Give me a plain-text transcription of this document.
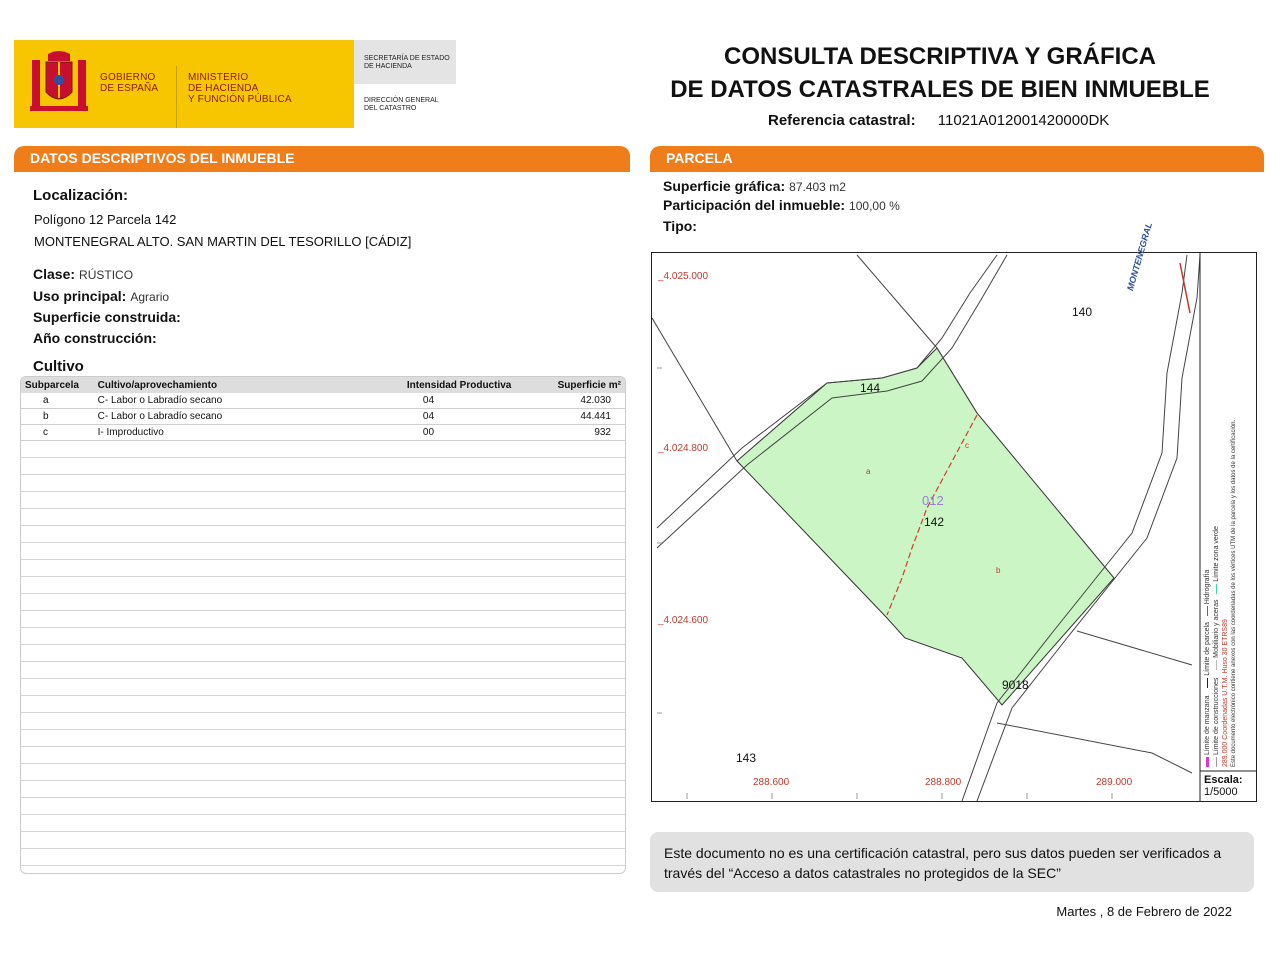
GOBIERNO
DE ESPAÑA
MINISTERIO
DE HACIENDA
Y FUNCIÓN PÚBLICA
SECRETARÍA DE ESTADO
DE HACIENDA
DIRECCIÓN GENERAL
DEL CATASTRO
CONSULTA DESCRIPTIVA Y GRÁFICA
DE DATOS CATASTRALES DE BIEN INMUEBLE
Referencia catastral: 11021A012001420000DK
DATOS DESCRIPTIVOS DEL INMUEBLE
Localización:
Polígono 12 Parcela 142
MONTENEGRAL ALTO. SAN MARTIN DEL TESORILLO [CÁDIZ]
Clase: RÚSTICO
Uso principal: Agrario
Superficie construida:
Año construcción:
Cultivo
Subparcela	Cultivo/aprovechamiento	Intensidad Productiva	Superficie m²
a	C- Labor o Labradío secano	04	42.030
b	C- Labor o Labradío secano	04	44.441
c	I- Improductivo	00	932
PARCELA
Superficie gráfica: 87.403 m2
Participación del inmueble: 100,00 %
Tipo:
_4.025.000
_4.024.800
_4.024.600
288.600	288.800	289.000
140
144
142
143
9018
012
a
b
c
MONTENEGRAL
Límite de manzana     Límite de parcela    Hidrografía
Límite de construcciones     Mobiliario y aceras    Límite zona verde
289.000 Coordenadas U.T.M. Huso 30 ETRS89 Este documento electrónico contiene anexos con las coordenadas de los vértices UTM de la parcela y los datos de la certificación.
Escala:
1/5000
Este documento no es una certificación catastral, pero sus datos pueden ser verificados a
través del “Acceso a datos catastrales no protegidos de la SEC”
Martes , 8 de Febrero de 2022
